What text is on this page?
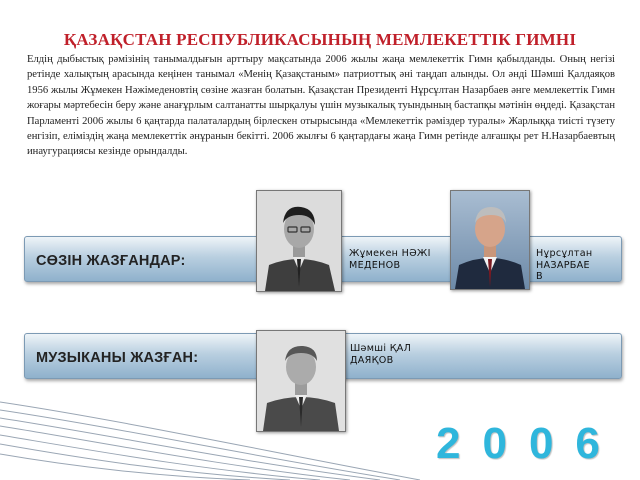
ҚАЗАҚСТАН РЕСПУБЛИКАСЫНЫҢ МЕМЛЕКЕТТІК ГИМНІ
Елдің дыбыстық рәмізінің танымалдығын арттыру мақсатында 2006 жылы жаңа мемлекеттік Гимн қабылданды. Оның негізі ретінде халықтың арасында кеңінен танымал «Менің Қазақстаным» патриоттық әні таңдап алынды. Ол әнді Шәмші Қалдаяқов 1956 жылы Жұмекен Нәжімеденовтің сөзіне жазған болатын. Қазақстан Президенті Нұрсұлтан Назарбаев әнге мемлекеттік Гимн жоғары мәртебесін беру және анағұрлым салтанатты шырқалуы үшін музыкалық туындының бастапқы мәтінін өңдеді. Қазақстан Парламенті 2006 жылы 6 қаңтарда палаталардың бірлескен отырысында «Мемлекеттік рәміздер туралы» Жарлыққа тиісті түзету енгізіп, еліміздің жаңа мемлекеттік әнұранын бекітті. 2006 жылғы 6 қаңтардағы жаңа Гимн ретінде алғашқы рет Н.Назарбаевтың инаугурациясы кезінде орындалды.
СӨЗІН ЖАЗҒАНДАР:
МУЗЫКАНЫ ЖАЗҒАН:
Жұмекен НӘЖІМЕДЕНОВ
Нұрсұлтан НАЗАРБАЕВ
Шәмші ҚАЛДАЯҚОВ
2006
